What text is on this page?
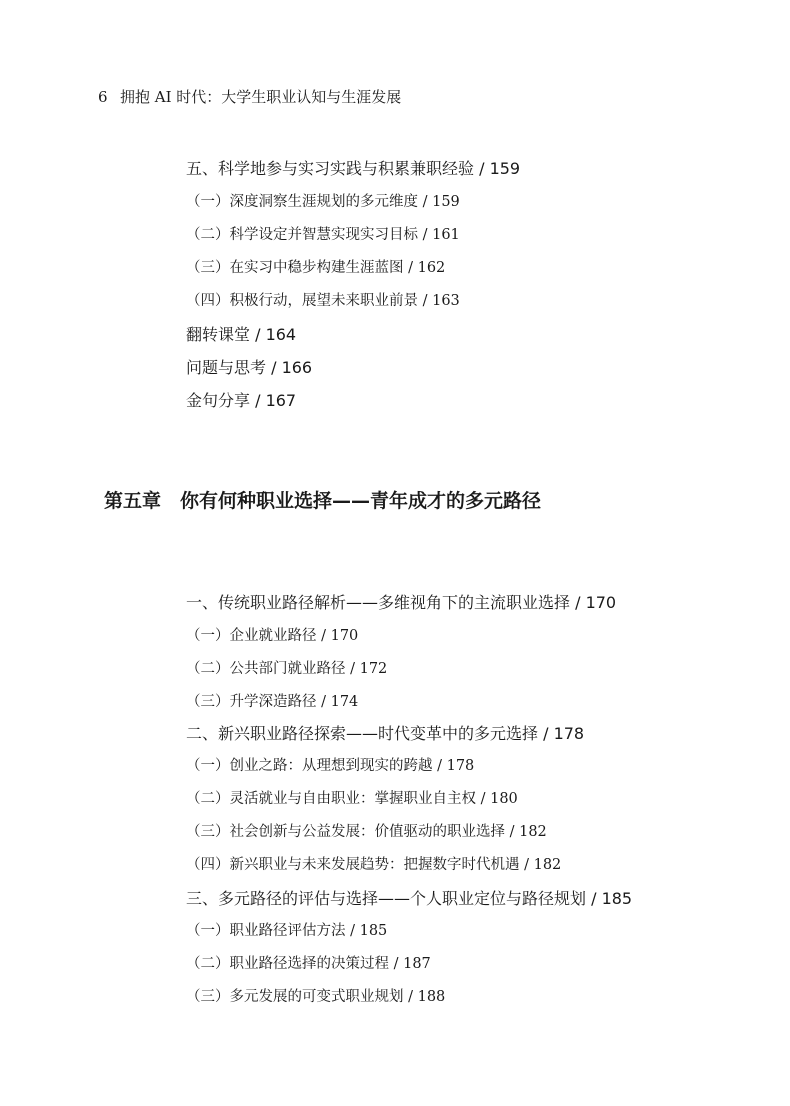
6 拥抱 AI 时代：大学生职业认知与生涯发展
五、科学地参与实习实践与积累兼职经验 / 159
（一）深度洞察生涯规划的多元维度 / 159
（二）科学设定并智慧实现实习目标 / 161
（三）在实习中稳步构建生涯蓝图 / 162
（四）积极行动，展望未来职业前景 / 163
翻转课堂 / 164
问题与思考 / 166
金句分享 / 167
一、传统职业路径解析——多维视角下的主流职业选择 / 170
（一）企业就业路径 / 170
（二）公共部门就业路径 / 172
（三）升学深造路径 / 174
二、新兴职业路径探索——时代变革中的多元选择 / 178
（一）创业之路：从理想到现实的跨越 / 178
（二）灵活就业与自由职业：掌握职业自主权 / 180
（三）社会创新与公益发展：价值驱动的职业选择 / 182
（四）新兴职业与未来发展趋势：把握数字时代机遇 / 182
三、多元路径的评估与选择——个人职业定位与路径规划 / 185
（一）职业路径评估方法 / 185
（二）职业路径选择的决策过程 / 187
（三）多元发展的可变式职业规划 / 188
第五章 你有何种职业选择——青年成才的多元路径
